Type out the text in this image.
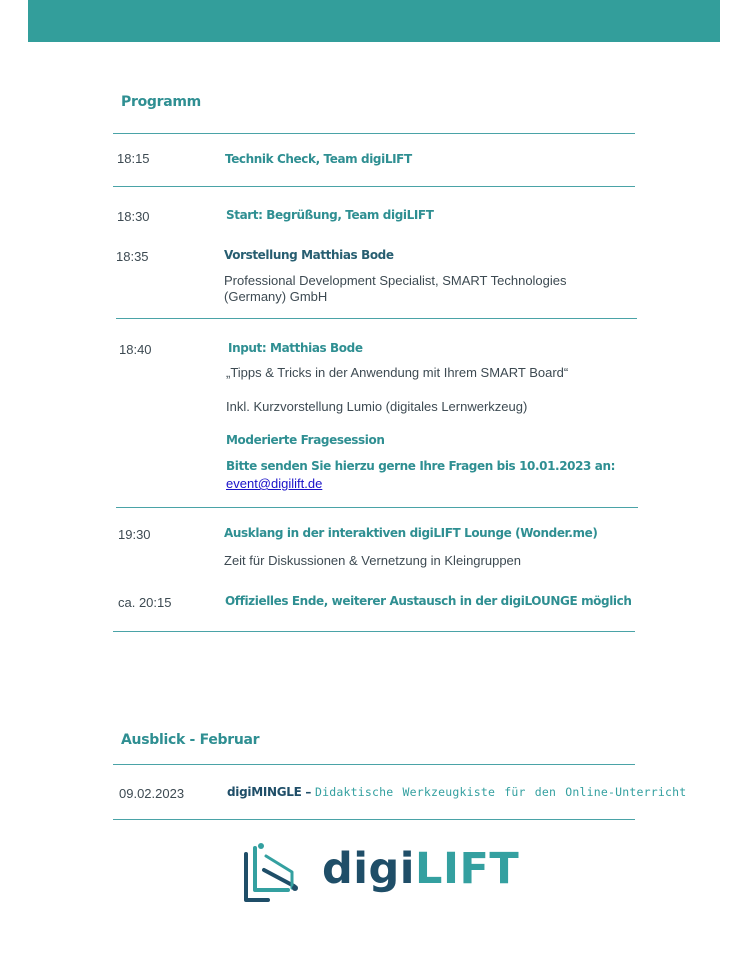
Programm
18:15	Technik Check, Team digiLIFT
18:30	Start: Begrüßung, Team digiLIFT
18:35	Vorstellung Matthias Bode
Professional Development Specialist, SMART Technologies
(Germany) GmbH
18:40	Input: Matthias Bode
„Tipps & Tricks in der Anwendung mit Ihrem SMART Board“
Inkl. Kurzvorstellung Lumio (digitales Lernwerkzeug)
Moderierte Fragesession
Bitte senden Sie hierzu gerne Ihre Fragen bis 10.01.2023 an:
event@digilift.de
19:30	Ausklang in der interaktiven digiLIFT Lounge (Wonder.me)
Zeit für Diskussionen & Vernetzung in Kleingruppen
ca. 20:15	Offizielles Ende, weiterer Austausch in der digiLOUNGE möglich
Ausblick - Februar
09.02.2023	digiMINGLE – Didaktische Werkzeugkiste für den Online-Unterricht
digiLIFT
